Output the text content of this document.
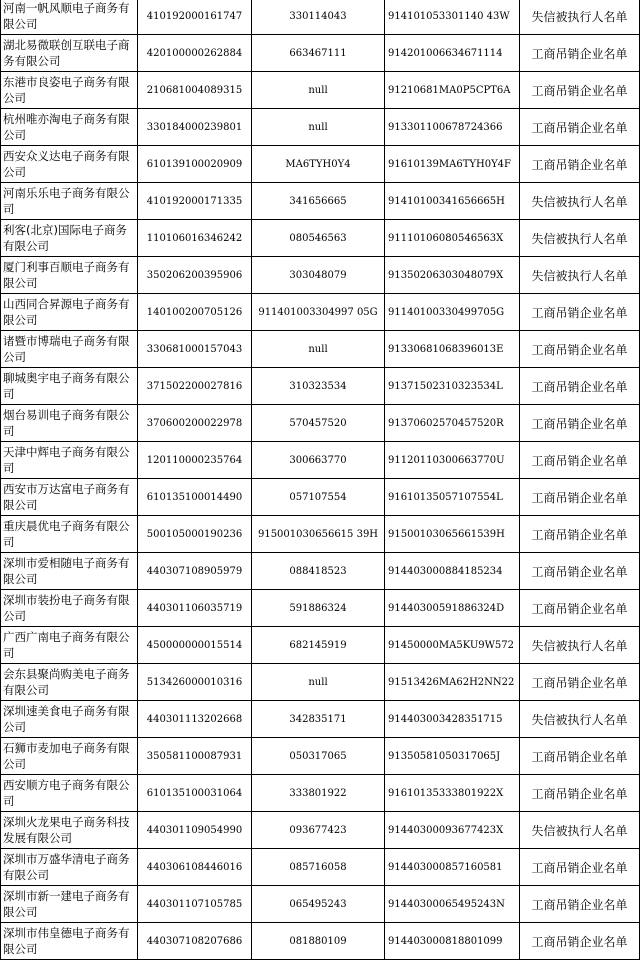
河南一帆风顺电子商务有限公司	410192000161747	330114043	914101053301140 43W	失信被执行人名单
湖北易微联创互联电子商务有限公司	420100000262884	663467111	914201006634671114	工商吊销企业名单
东港市良姿电子商务有限公司	210681004089315	null	91210681MA0P5CPT6A	工商吊销企业名单
杭州唯亦淘电子商务有限公司	330184000239801	null	913301100678724366	工商吊销企业名单
西安众义达电子商务有限公司	610139100020909	MA6TYH0Y4	91610139MA6TYH0Y4F	工商吊销企业名单
河南乐乐电子商务有限公司	410192000171335	341656665	91410100341656665H	失信被执行人名单
利客(北京)国际电子商务有限公司	110106016346242	080546563	91110106080546563X	失信被执行人名单
厦门利事百顺电子商务有限公司	350206200395906	303048079	91350206303048079X	失信被执行人名单
山西同合昇源电子商务有限公司	140100200705126	911401003304997 05G	91140100330499705G	工商吊销企业名单
诸暨市博瑞电子商务有限公司	330681000157043	null	91330681068396013E	工商吊销企业名单
聊城奥宇电子商务有限公司	371502200027816	310323534	91371502310323534L	工商吊销企业名单
烟台易训电子商务有限公司	370600200022978	570457520	91370602570457520R	工商吊销企业名单
天津中辉电子商务有限公司	120110000235764	300663770	91120110300663770U	工商吊销企业名单
西安市万达富电子商务有限公司	610135100014490	057107554	91610135057107554L	工商吊销企业名单
重庆晨优电子商务有限公司	500105000190236	915001030656615 39H	91500103065661539H	工商吊销企业名单
深圳市爱相随电子商务有限公司	440307108905979	088418523	914403000884185234	工商吊销企业名单
深圳市装扮电子商务有限公司	440301106035719	591886324	91440300591886324D	工商吊销企业名单
广西广南电子商务有限公司	450000000015514	682145919	91450000MA5KU9W572	失信被执行人名单
会东县聚尚购美电子商务有限公司	513426000010316	null	91513426MA62H2NN22	工商吊销企业名单
深圳速美食电子商务有限公司	440301113202668	342835171	914403003428351715	失信被执行人名单
石狮市麦加电子商务有限公司	350581100087931	050317065	91350581050317065J	工商吊销企业名单
西安顺方电子商务有限公司	610135100031064	333801922	91610135333801922X	工商吊销企业名单
深圳火龙果电子商务科技发展有限公司	440301109054990	093677423	91440300093677423X	失信被执行人名单
深圳市万盛华清电子商务有限公司	440306108446016	085716058	914403000857160581	工商吊销企业名单
深圳市新一建电子商务有限公司	440301107105785	065495243	91440300065495243N	工商吊销企业名单
深圳市伟皇德电子商务有限公司	440307108207686	081880109	914403000818801099	工商吊销企业名单
